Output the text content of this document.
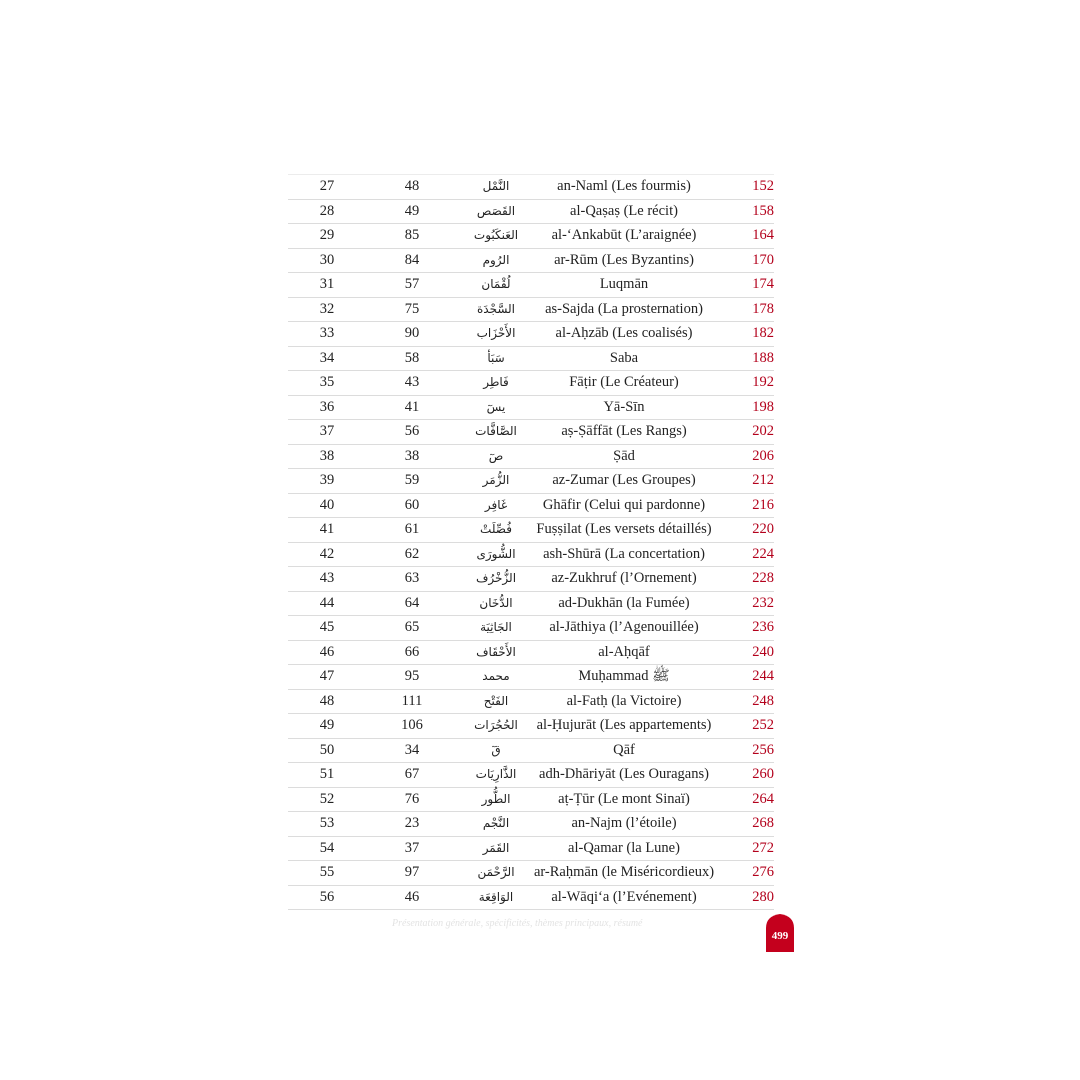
27	48	النَّمْل	an-Naml (Les fourmis)	152
28	49	القَصَص	al-Qaṣaṣ (Le récit)	158
29	85	العَنكَبُوت	al-‘Ankabūt (L’araignée)	164
30	84	الرُوم	ar-Rūm (Les Byzantins)	170
31	57	لُقْمَان	Luqmān	174
32	75	السَّجْدَة	as-Sajda (La prosternation)	178
33	90	الأَحْزَاب	al-Aḥzāb (Les coalisés)	182
34	58	سَبَأ	Saba	188
35	43	فَاطِر	Fāṭir (Le Créateur)	192
36	41	يسٓ	Yā-Sīn	198
37	56	الصَّافَّات	aṣ-Ṣāffāt (Les Rangs)	202
38	38	صٓ	Ṣād	206
39	59	الزُّمَر	az-Zumar (Les Groupes)	212
40	60	غَافِر	Ghāfir (Celui qui pardonne)	216
41	61	فُصِّلَتْ	Fuṣṣilat (Les versets détaillés)	220
42	62	الشُّورَى	ash-Shūrā (La concertation)	224
43	63	الزُّخْرُف	az-Zukhruf (l’Ornement)	228
44	64	الدُّخَان	ad-Dukhān (la Fumée)	232
45	65	الجَاثِيَة	al-Jāthiya (l’Agenouillée)	236
46	66	الأَحْقَاف	al-Aḥqāf	240
47	95	محمد	Muḥammad ﷺ	244
48	111	الفَتْح	al-Fatḥ (la Victoire)	248
49	106	الحُجُرَات	al-Ḥujurāt (Les appartements)	252
50	34	قٓ	Qāf	256
51	67	الذَّارِيَات	adh-Dhāriyāt (Les Ouragans)	260
52	76	الطُّور	aṭ-Ṭūr (Le mont Sinaï)	264
53	23	النَّجْم	an-Najm (l’étoile)	268
54	37	القَمَر	al-Qamar (la Lune)	272
55	97	الرَّحْمَن	ar-Raḥmān (le Miséricordieux)	276
56	46	الوَاقِعَة	al-Wāqi‘a (l’Evénement)	280
Présentation générale, spécificités, thèmes principaux, résumé
499
